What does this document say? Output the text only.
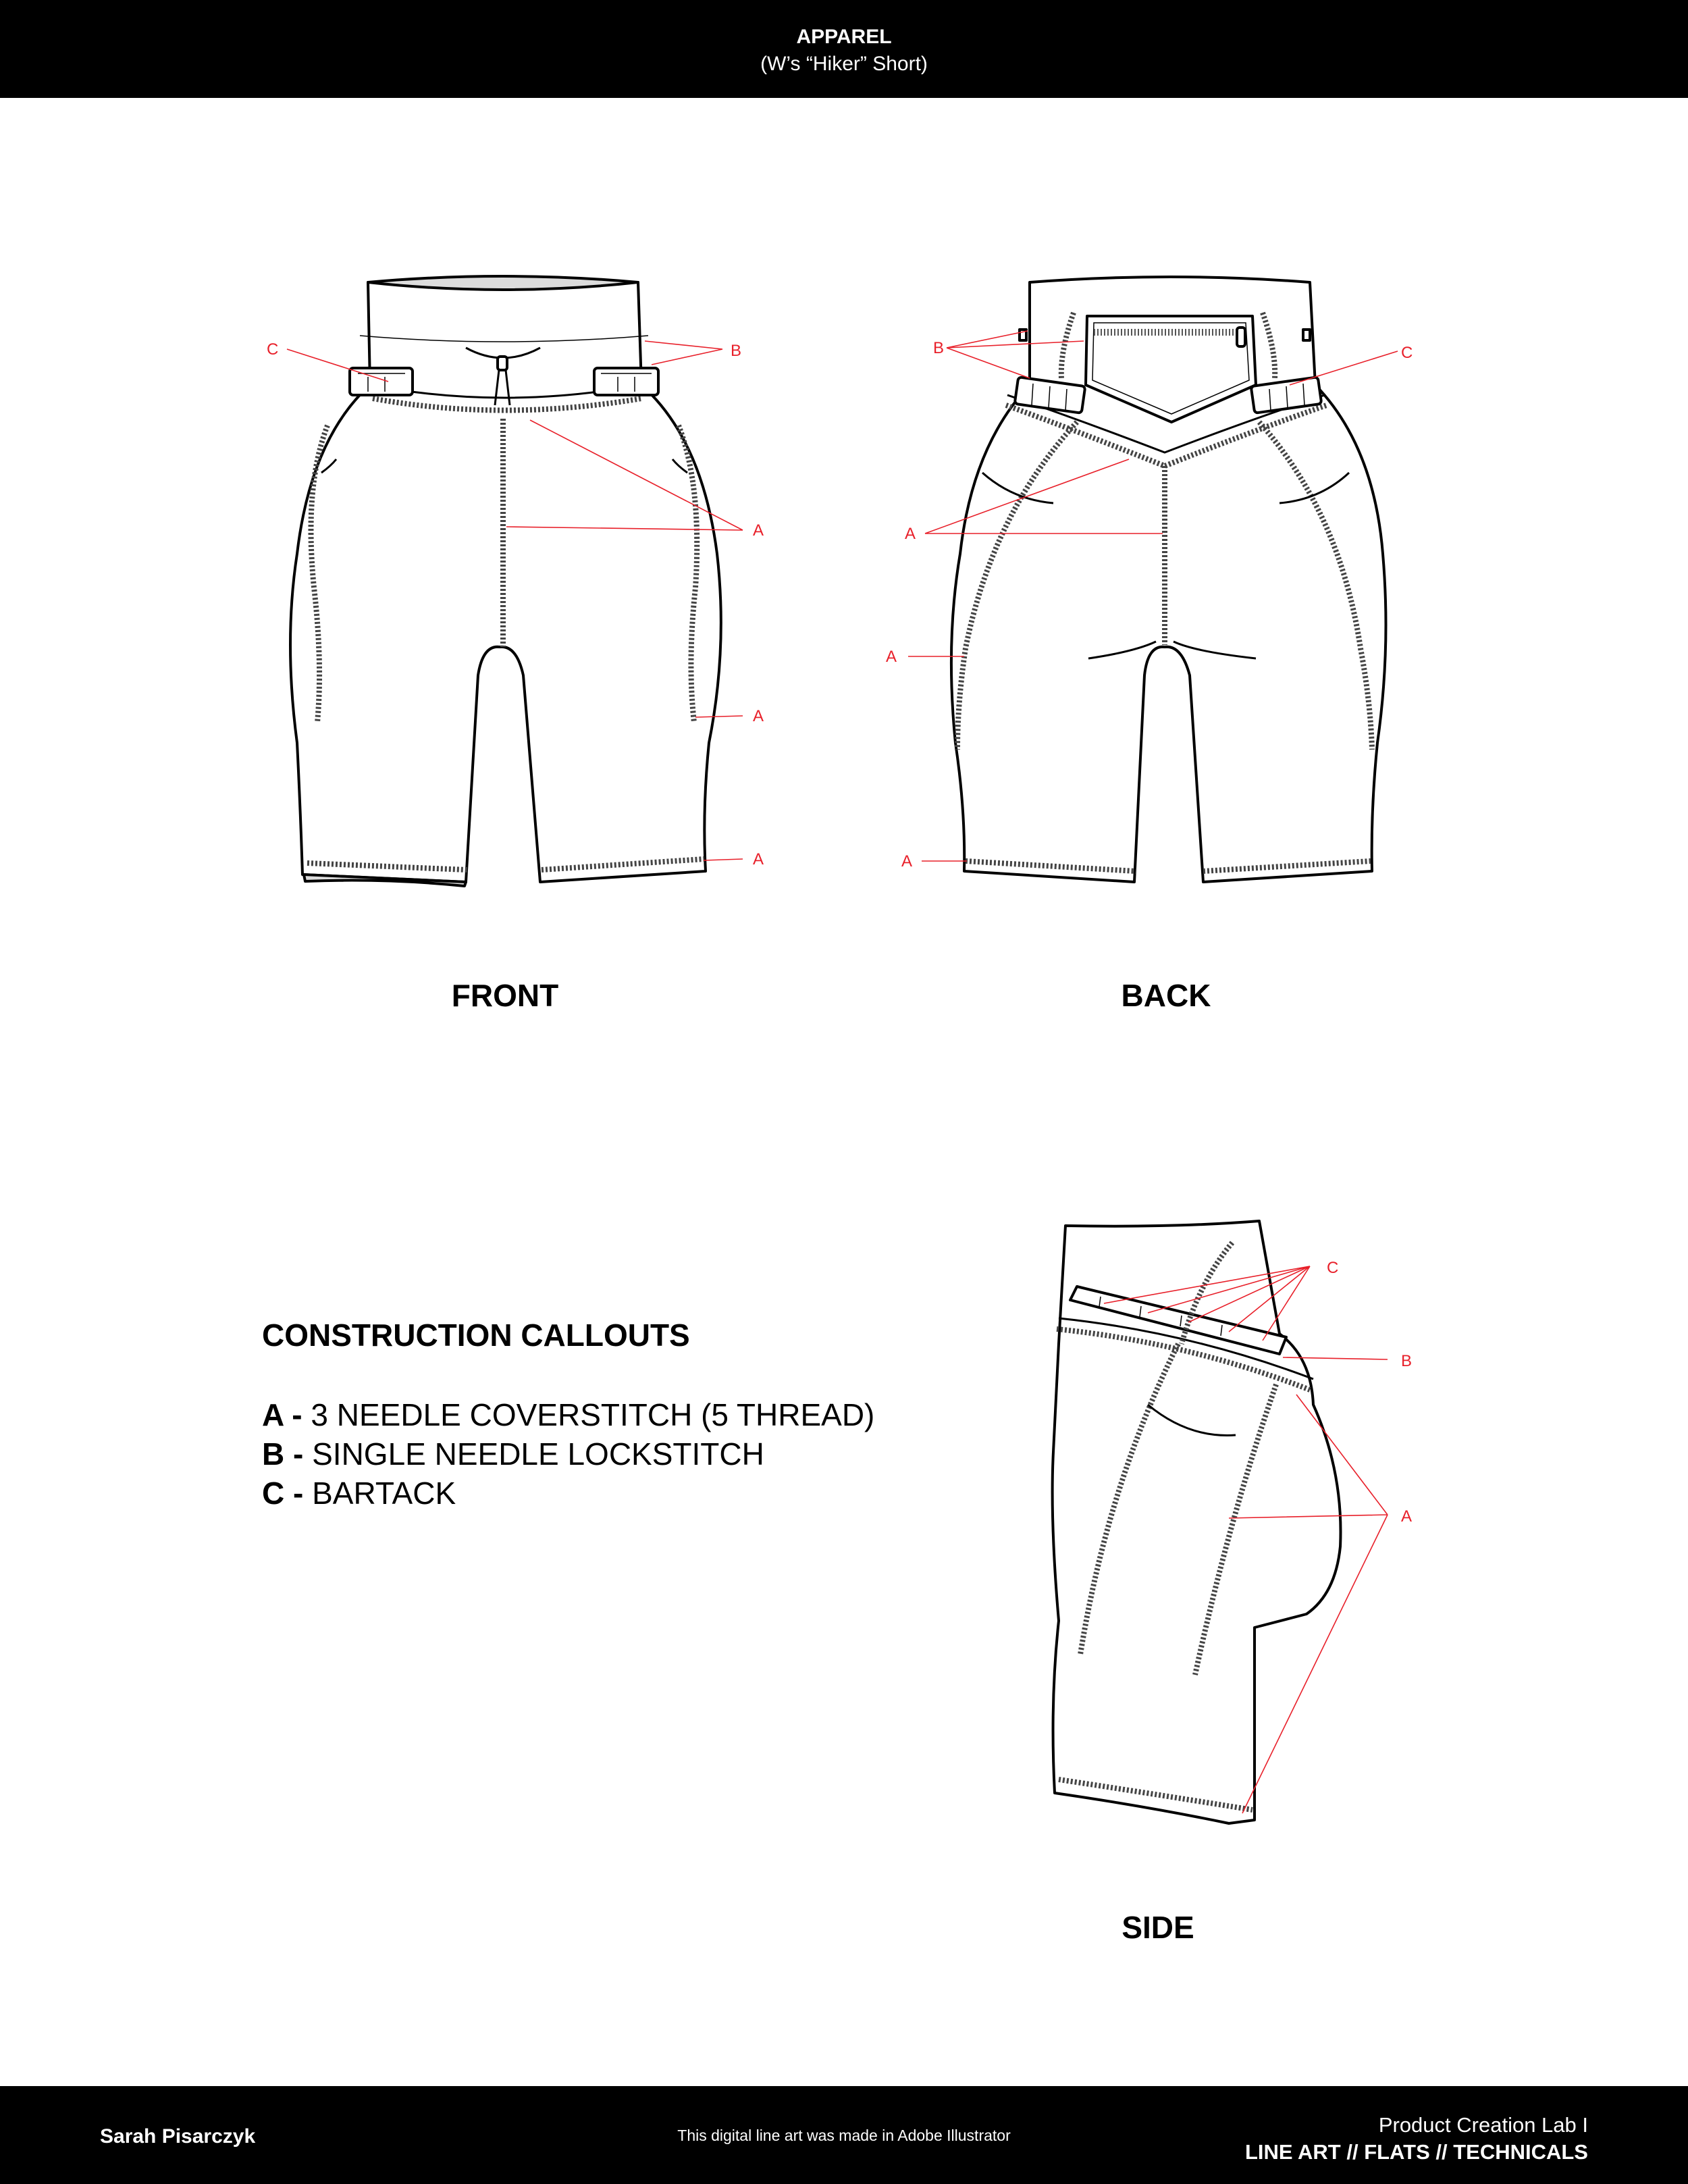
APPAREL
(W’s “Hiker” Short)
C	B
A
A
A
B	C
A
A
A
C
B
A
FRONT	BACK
SIDE
CONSTRUCTION CALLOUTS
A - 3 NEEDLE COVERSTITCH (5 THREAD)
B - SINGLE NEEDLE LOCKSTITCH
C - BARTACK
Sarah Pisarczyk	This digital line art was made in Adobe Illustrator	Product Creation Lab I
LINE ART // FLATS // TECHNICALS
